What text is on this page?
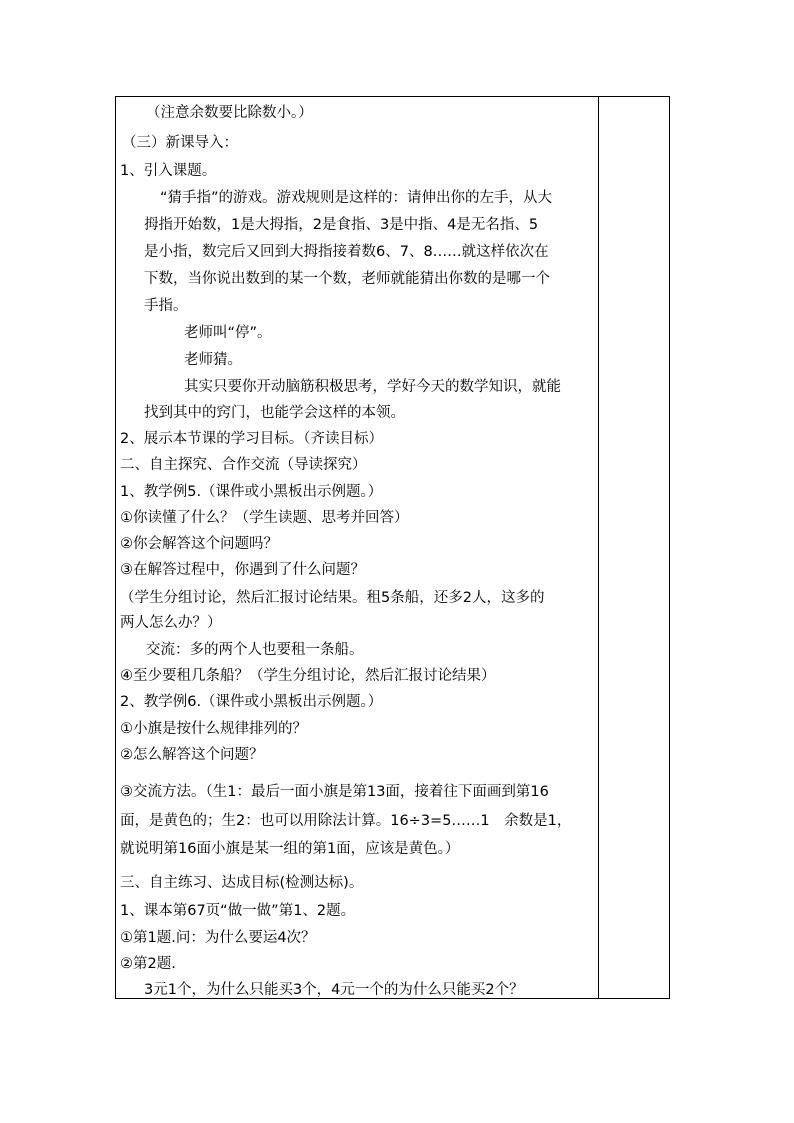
（注意余数要比除数小。）
（三）新课导入：
1、引入课题。
“猜手指”的游戏。游戏规则是这样的：请伸出你的左手，从大
拇指开始数，1是大拇指，2是食指、3是中指、4是无名指、5
是小指，数完后又回到大拇指接着数6、7、8……就这样依次在
下数，当你说出数到的某一个数，老师就能猜出你数的是哪一个
手指。
老师叫“停”。
老师猜。
其实只要你开动脑筋积极思考，学好今天的数学知识，就能
找到其中的窍门，也能学会这样的本领。
2、展示本节课的学习目标。（齐读目标）
二、自主探究、合作交流（导读探究）
1、教学例5.（课件或小黑板出示例题。）
①你读懂了什么？（学生读题、思考并回答）
②你会解答这个问题吗？
③在解答过程中，你遇到了什么问题？
（学生分组讨论，然后汇报讨论结果。租5条船，还多2人，这多的
两人怎么办？）
交流：多的两个人也要租一条船。
④至少要租几条船？（学生分组讨论，然后汇报讨论结果）
2、教学例6.（课件或小黑板出示例题。）
①小旗是按什么规律排列的？
②怎么解答这个问题？
③交流方法。（生1：最后一面小旗是第13面，接着往下面画到第16
面，是黄色的；生2：也可以用除法计算。16÷3=5……1　余数是1，
就说明第16面小旗是某一组的第1面，应该是黄色。）
三、自主练习、达成目标(检测达标)。
1、课本第67页“做一做”第1、2题。
①第1题.问：为什么要运4次？
②第2题.
3元1个，为什么只能买3个，4元一个的为什么只能买2个？
